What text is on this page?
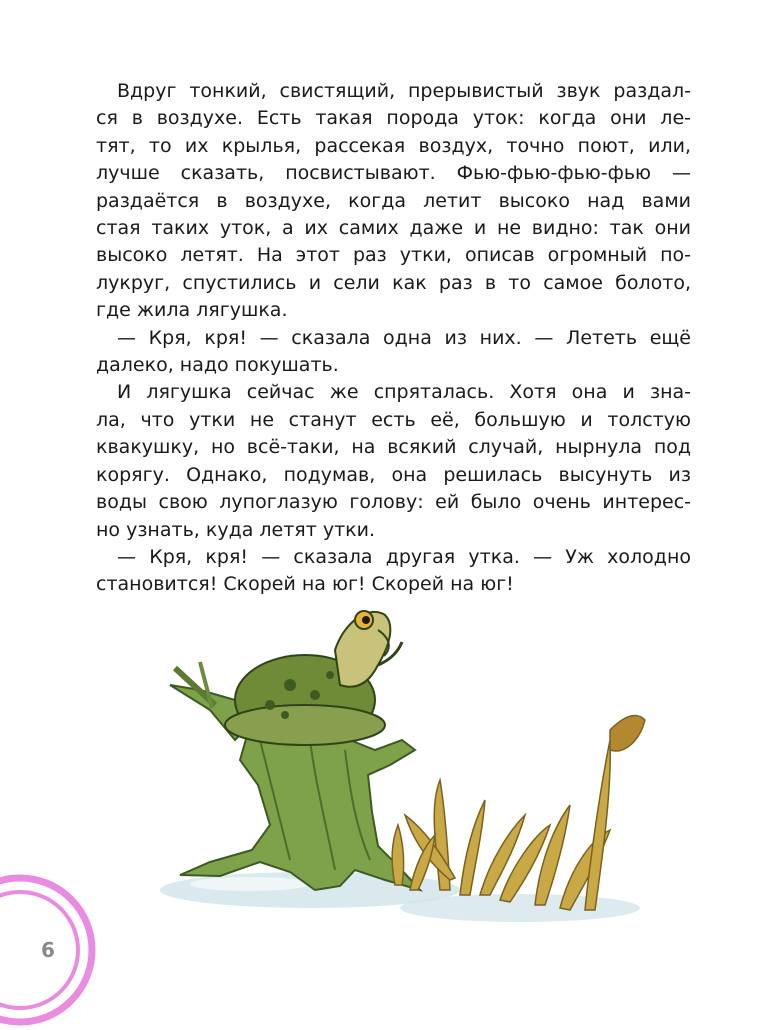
Вдруг тонкий, свистящий, прерывистый звук раздал-

ся в воздухе. Есть такая порода уток: когда они ле-

тят, то их крылья, рассекая воздух, точно поют, или,

лучше сказать, посвистывают. Фью-фью-фью-фью —

раздаётся в воздухе, когда летит высоко над вами

стая таких уток, а их самих даже и не видно: так они

высоко летят. На этот раз утки, описав огромный по-

лукруг, спустились и сели как раз в то самое болото,

где жила лягушка.

— Кря, кря! — сказала одна из них. — Лететь ещё

далеко, надо покушать.

И лягушка сейчас же спряталась. Хотя она и зна-

ла, что утки не станут есть её, большую и толстую

квакушку, но всё-таки, на всякий случай, нырнула под

корягу. Однако, подумав, она решилась высунуть из

воды свою лупоглазую голову: ей было очень интерес-

но узнать, куда летят утки.

— Кря, кря! — сказала другая утка. — Уж холодно

становится! Скорей на юг! Скорей на юг!

6
